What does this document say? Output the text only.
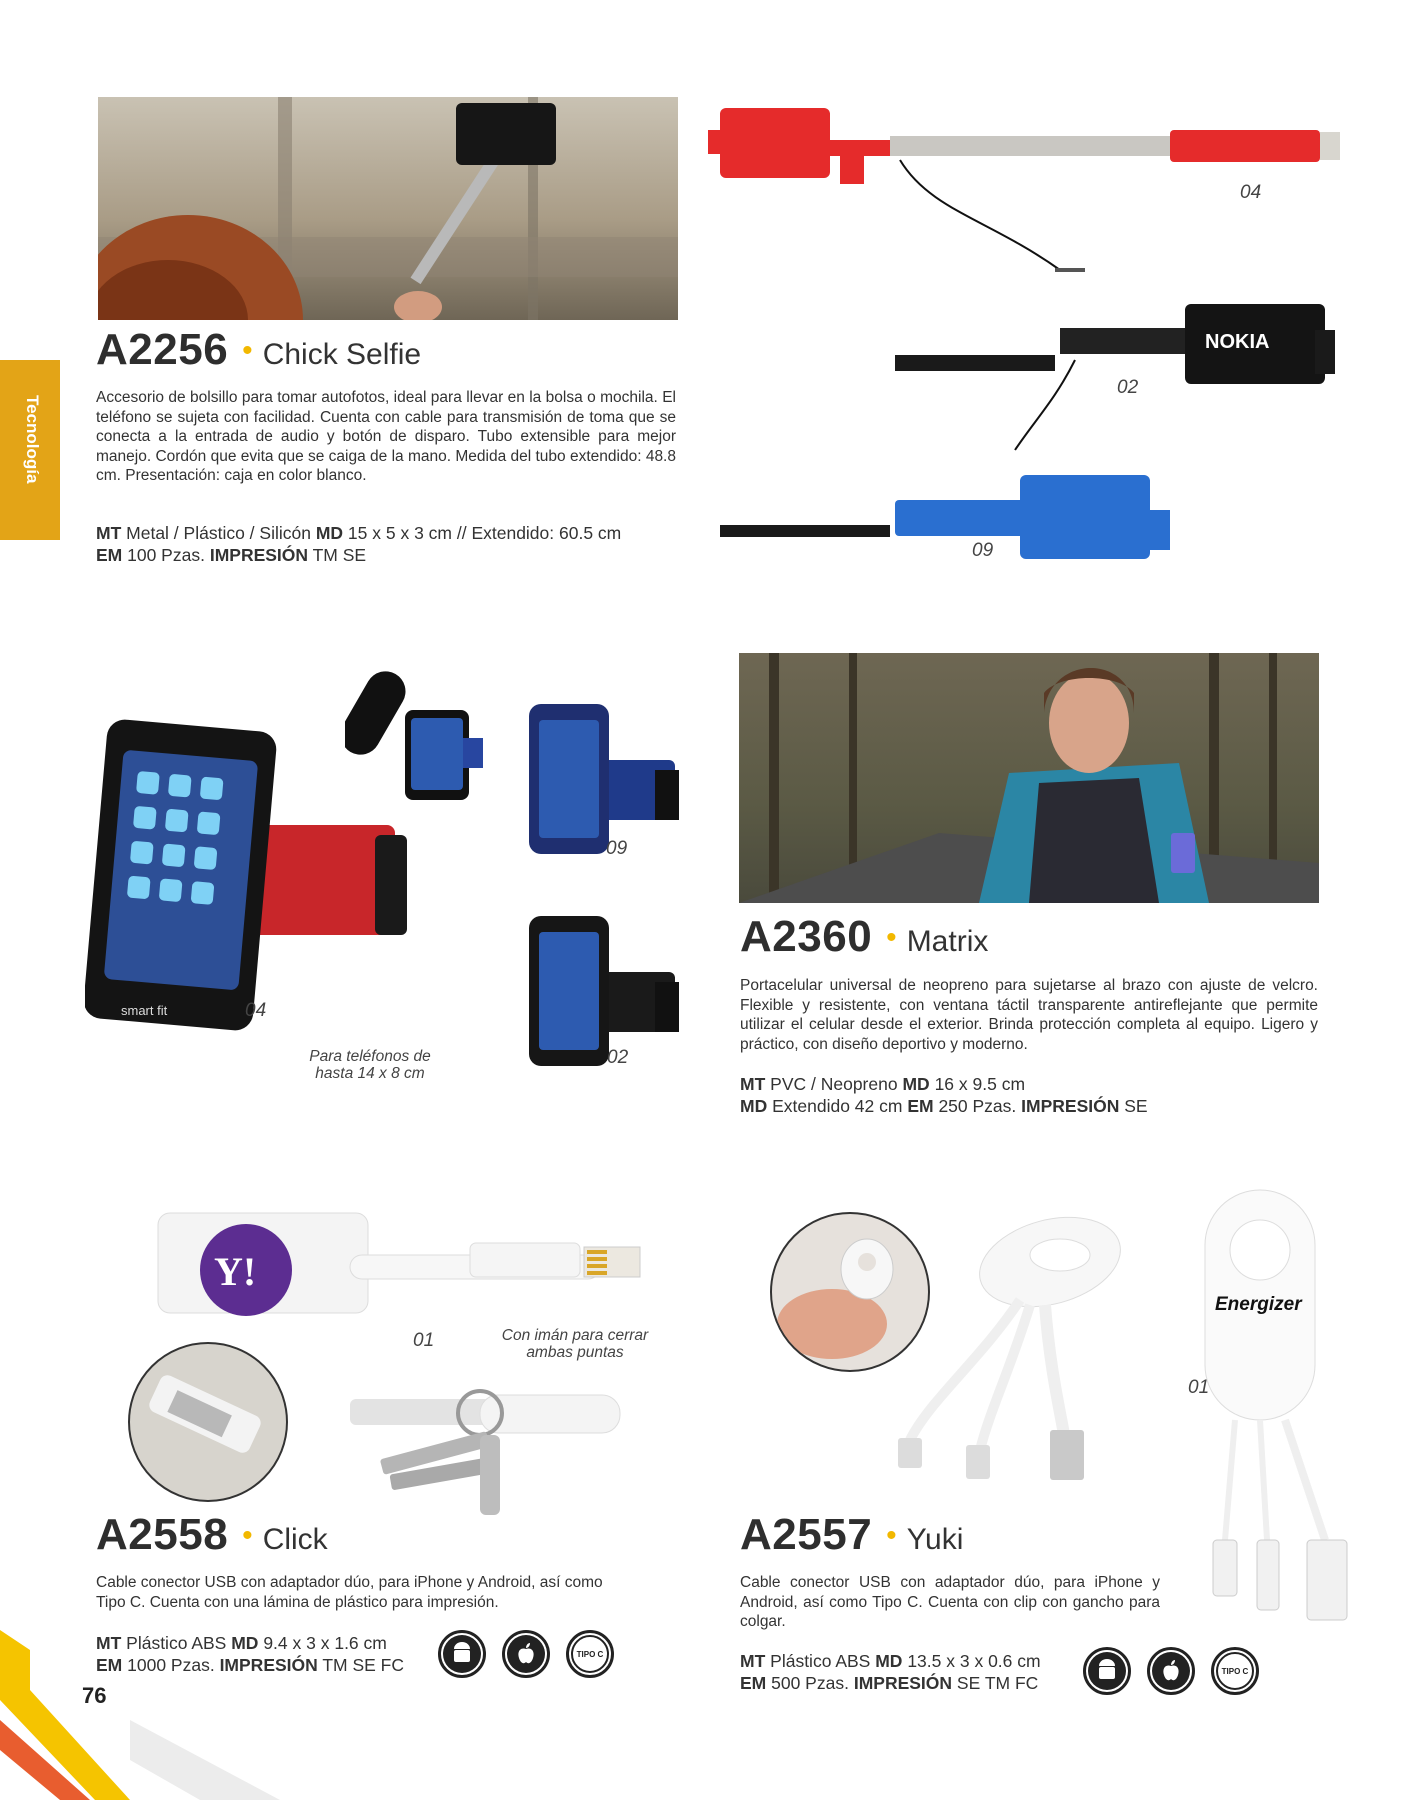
Tecnología
04
NOKIA
02
09
A2256 • Chick Selfie
Accesorio de bolsillo para tomar autofotos, ideal para llevar en la bolsa o mochila. El teléfono se sujeta con facilidad. Cuenta con cable para transmisión de toma que se conecta a la entrada de audio y botón de disparo. Tubo extensible para mejor manejo. Cordón que evita que se caiga de la mano. Medida del tubo extendido: 48.8 cm. Presentación: caja en color blanco.
MT Metal / Plástico / Silicón MD 15 x 5 x 3 cm // Extendido: 60.5 cm
EM 100 Pzas. IMPRESIÓN TM SE
smart fit	04
Para teléfonos de hasta 14 x 8 cm
09
02
A2360 • Matrix
Portacelular universal de neopreno para sujetarse al brazo con ajuste de velcro. Flexible y resistente, con ventana táctil transparente antireflejante que permite utilizar el celular desde el exterior. Brinda protección completa al equipo. Ligero y práctico, con diseño deportivo y moderno.
MT PVC / Neopreno MD 16 x 9.5 cm
MD Extendido 42 cm EM 250 Pzas. IMPRESIÓN SE
Y!
01	Con imán para cerrar ambas puntas
A2558 • Click
Cable conector USB con adaptador dúo, para iPhone y Android, así como Tipo C. Cuenta con una lámina de plástico para impresión.
MT Plástico ABS MD 9.4 x 3 x 1.6 cm
EM 1000 Pzas. IMPRESIÓN TM SE FC
TIPO C
Energizer
01
A2557 • Yuki
Cable conector USB con adaptador dúo, para iPhone y Android, así como Tipo C. Cuenta con clip con gancho para colgar.
MT Plástico ABS MD 13.5 x 3 x 0.6 cm
EM 500 Pzas. IMPRESIÓN SE TM FC
TIPO C
76
